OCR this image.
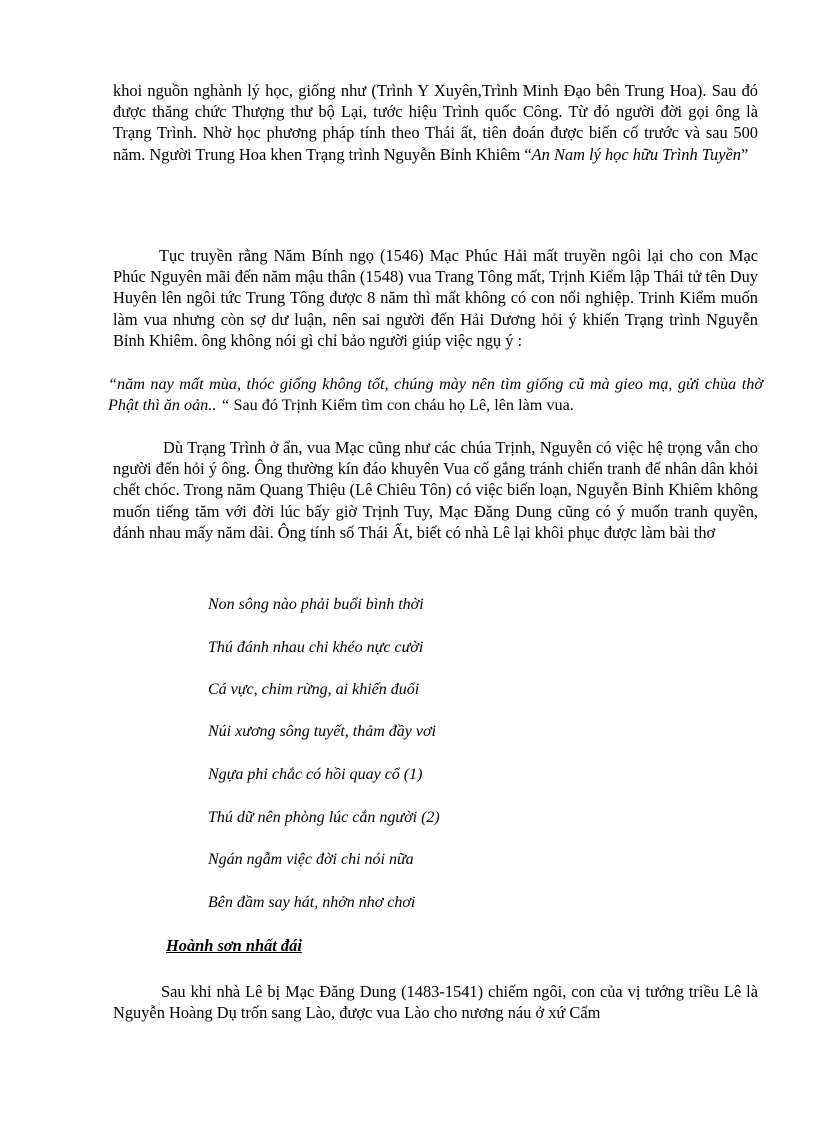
khoi nguồn nghành lý học, giống như (Trình Y Xuyên,Trình Minh Đạo bên Trung Hoa). Sau đó được thăng chức Thượng thư bộ Lại, tước hiệu Trình quốc Công. Từ đó người đời gọi ông là Trạng Trình. Nhờ học phương pháp tính theo Thái ất, tiên đoán được biến cố trước và sau 500 năm. Người Trung Hoa khen Trạng trình Nguyễn Bỉnh Khiêm “An Nam lý học hữu Trình Tuyền”

Tục truyền rằng Năm Bính ngọ (1546) Mạc Phúc Hải mất truyền ngôi lại cho con Mạc Phúc Nguyên mãi đến năm mậu thân (1548) vua Trang Tông mất, Trịnh Kiểm lập Thái tử tên Duy Huyên lên ngôi tức Trung Tông được 8 năm thì mất không có con nối nghiệp. Trinh Kiểm muốn làm vua nhưng còn sợ dư luận, nên sai người đến Hải Dương hỏi ý khiến Trạng trình Nguyễn Bỉnh Khiêm. ông không nói gì chỉ bảo người giúp việc ngụ ý :

“năm nay mất mùa, thóc giống không tốt, chúng mày nên tìm giống cũ mà gieo mạ, gửi chùa thờ Phật thì ăn oản.. “ Sau đó Trịnh Kiểm tìm con cháu họ Lê, lên làm vua.

Dù Trạng Trình ở ẩn, vua Mạc cũng như các chúa Trịnh, Nguyễn có việc hệ trọng vẫn cho người đến hỏi ý ông. Ông thường kín đáo khuyên Vua cố gắng tránh chiến tranh để nhân dân khỏi chết chóc. Trong năm Quang Thiệu (Lê Chiêu Tôn) có việc biến loạn, Nguyễn Bỉnh Khiêm không muốn tiếng tăm với đời lúc bấy giờ Trịnh Tuy, Mạc Đăng Dung cũng có ý muốn tranh quyền, đánh nhau mấy năm dài. Ông tính số Thái Ất, biết có nhà Lê lại khôi phục được làm bài thơ

Non sông nào phải buổi bình thời
Thú đánh nhau chi khéo nực cười
Cá vực, chim rừng, ai khiến đuổi
Núi xương sông tuyết, thảm đầy vơi
Ngựa phi chắc có hồi quay cổ (1)
Thú dữ nên phòng lúc cắn người (2)
Ngán ngẫm việc đời chi nói nữa
Bên đầm say hát, nhởn nhơ chơi
Hoành sơn nhất đái

Sau khi nhà Lê bị Mạc Đăng Dung (1483-1541) chiếm ngôi, con của vị tướng triều Lê là Nguyễn Hoàng Dụ trốn sang Lào, được vua Lào cho nương náu ở xứ Cẩm
